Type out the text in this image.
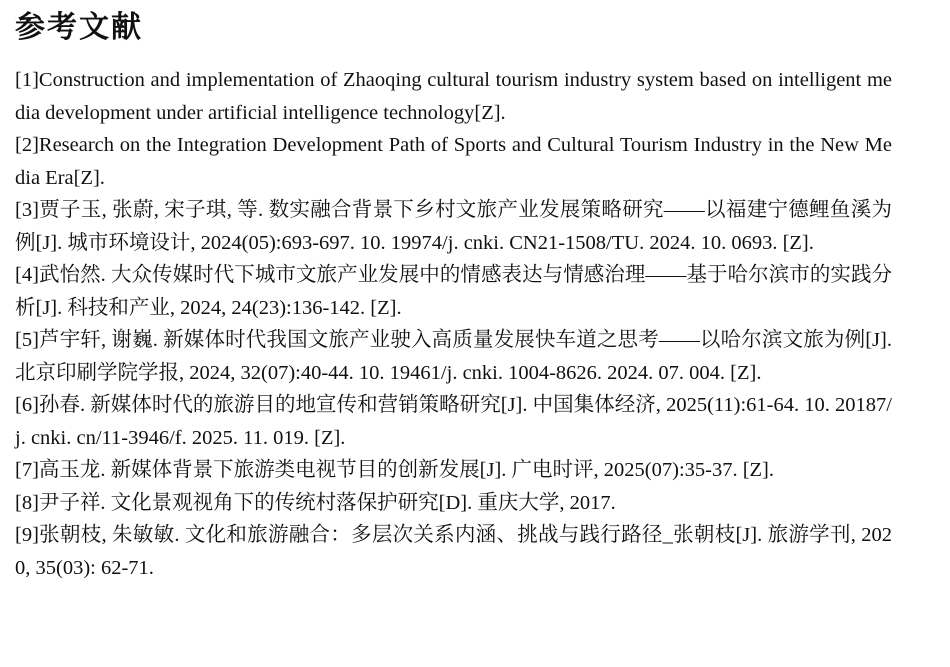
参考文献

[1]Construction and implementation of Zhaoqing cultural tourism industry system based on intelligent media development under artificial intelligence technology[Z].

[2]Research on the Integration Development Path of Sports and Cultural Tourism Industry in the New Media Era[Z].

[3]贾子玉, 张蔚, 宋子琪, 等. 数实融合背景下乡村文旅产业发展策略研究——以福建宁德鲤鱼溪为例[J]. 城市环境设计, 2024(05):693-697. 10. 19974/j. cnki. CN21-1508/TU. 2024. 10. 0693. [Z].

[4]武怡然. 大众传媒时代下城市文旅产业发展中的情感表达与情感治理——基于哈尔滨市的实践分析[J]. 科技和产业, 2024, 24(23):136-142. [Z].

[5]芦宇轩, 谢巍. 新媒体时代我国文旅产业驶入高质量发展快车道之思考——以哈尔滨文旅为例[J]. 北京印刷学院学报, 2024, 32(07):40-44. 10. 19461/j. cnki. 1004-8626. 2024. 07. 004. [Z].

[6]孙春. 新媒体时代的旅游目的地宣传和营销策略研究[J]. 中国集体经济, 2025(11):61-64. 10. 20187/j. cnki. cn/11-3946/f. 2025. 11. 019. [Z].

[7]高玉龙. 新媒体背景下旅游类电视节目的创新发展[J]. 广电时评, 2025(07):35-37. [Z].

[8]尹子祥. 文化景观视角下的传统村落保护研究[D]. 重庆大学, 2017.

[9]张朝枝, 朱敏敏. 文化和旅游融合：多层次关系内涵、挑战与践行路径_张朝枝[J]. 旅游学刊, 2020, 35(03): 62-71.
